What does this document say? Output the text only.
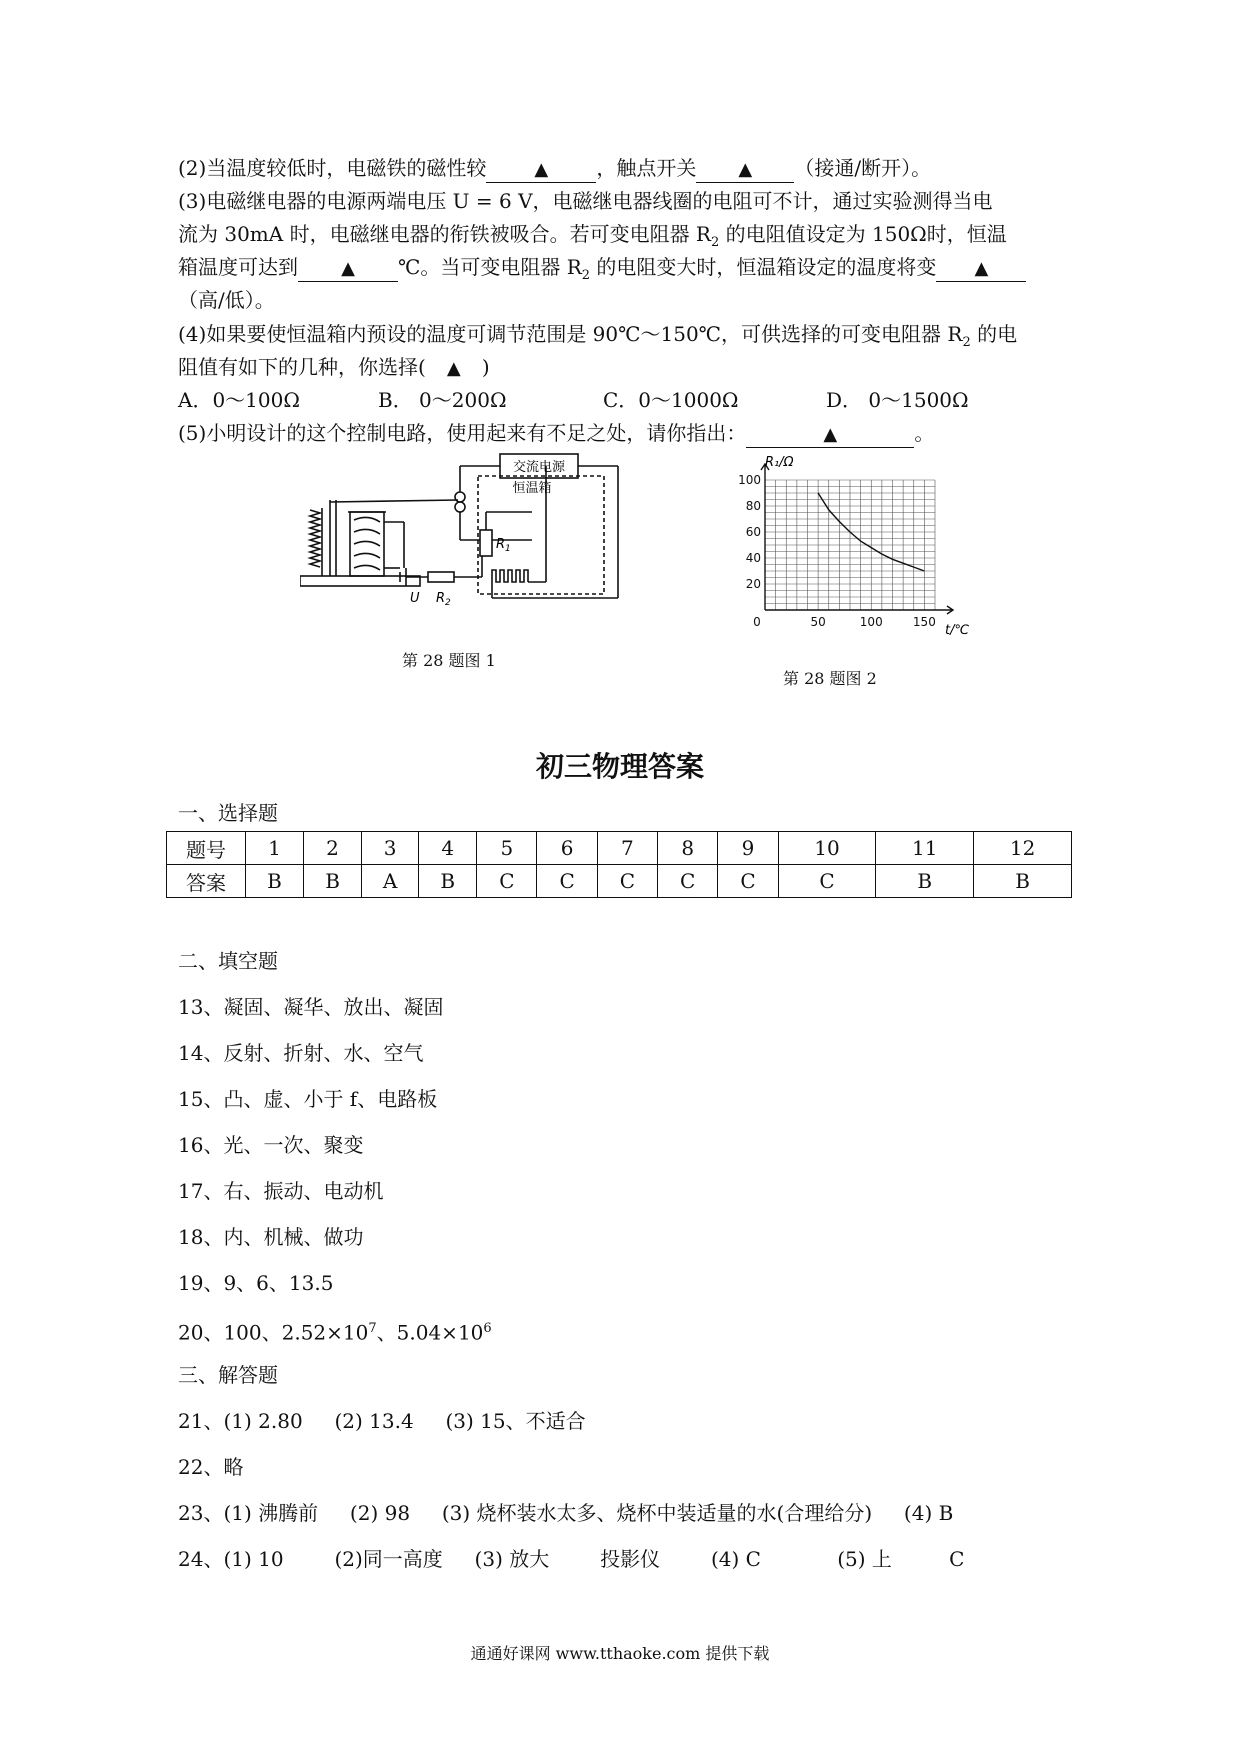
(2)当温度较低时，电磁铁的磁性较	▲ ，触点开关 ▲ （接通/断开）。
(3)电磁继电器的电源两端电压 U = 6 V，电磁继电器线圈的电阻可不计，通过实验测得当电
流为 30mA 时，电磁继电器的衔铁被吸合。若可变电阻器 $R_2$ 的电阻值设定为 150Ω时，恒温
箱温度可达到 ▲ ℃。当可变电阻器 $R_2$ 的电阻变大时，恒温箱设定的温度将变 ▲
（高/低）。
(4)如果要使恒温箱内预设的温度可调节范围是 90℃～150℃，可供选择的可变电阻器 $R_2$ 的电
阻值有如下的几种，你选择( ▲ )
A．0～100Ω	B． 0～200Ω	C．0～1000Ω	D． 0～1500Ω
(5)小明设计的这个控制电路，使用起来有不足之处，请你指出：	▲	。
交流电源
恒温箱
$R_1$
U $R_2$
第 28 题图 1
100
80
60
40
20
0	50	100	150
R₁/Ω
t/℃
第 28 题图 2
初三物理答案
一、选择题
题号	1	2	3	4	5	6	7	8	9	10	11	12
答案	B	B	A	B	C	C	C	C	C	C	B	B
二、填空题
13、凝固、凝华、放出、凝固
14、反射、折射、水、空气
15、凸、虚、小于 f、电路板
16、光、一次、聚变
17、右、振动、电动机
18、内、机械、做功
19、9、6、13.5
20、100、$2.52\times 10^7$、$5.04\times 10^6$
三、解答题
21、(1) 2.80     (2) 13.4     (3) 15、不适合
22、略
23、(1) 沸腾前     (2) 98     (3) 烧杯装水太多、烧杯中装适量的水(合理给分)     (4) B
24、(1) 10        (2)同一高度     (3) 放大        投影仪        (4) C            (5) 上         C
通通好课网 www.tthaoke.com 提供下载
